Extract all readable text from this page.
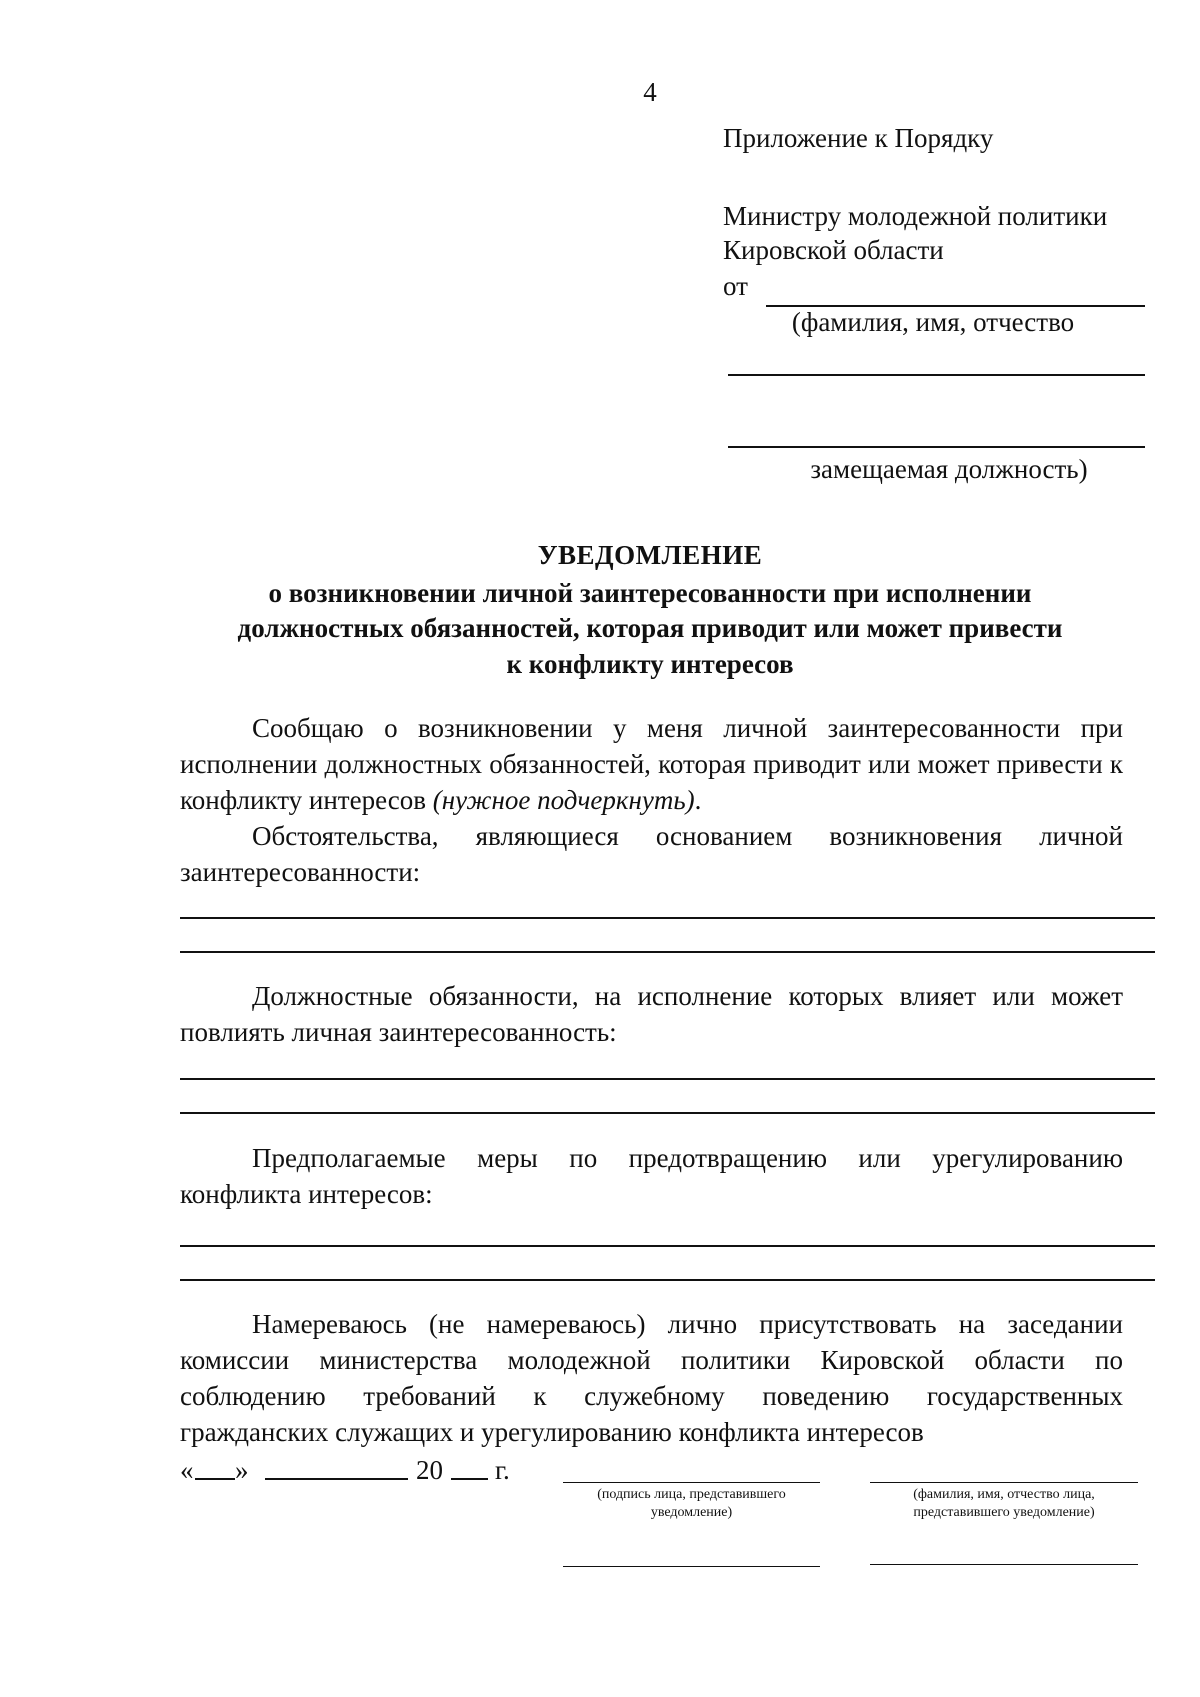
4
Приложение к Порядку
Министру молодежной политики
Кировской области
от
(фамилия, имя, отчество
замещаемая должность)
УВЕДОМЛЕНИЕ
о возникновении личной заинтересованности при исполнении
должностных обязанностей, которая приводит или может привести
к конфликту интересов
Сообщаю о возникновении у меня личной заинтересованности при исполнении должностных обязанностей, которая приводит или может привести к конфликту интересов (нужное подчеркнуть).
Обстоятельства, являющиеся основанием возникновения личной заинтересованности:
Должностные обязанности, на исполнение которых влияет или может повлиять личная заинтересованность:
Предполагаемые меры по предотвращению или урегулированию конфликта интересов:
Намереваюсь (не намереваюсь) лично присутствовать на заседании комиссии министерства молодежной политики Кировской области по соблюдению требований к служебному поведению государственных гражданских служащих и урегулированию конфликта интересов
« »	20 г.
(подпись лица, представившего уведомление)
(фамилия, имя, отчество лица, представившего уведомление)
